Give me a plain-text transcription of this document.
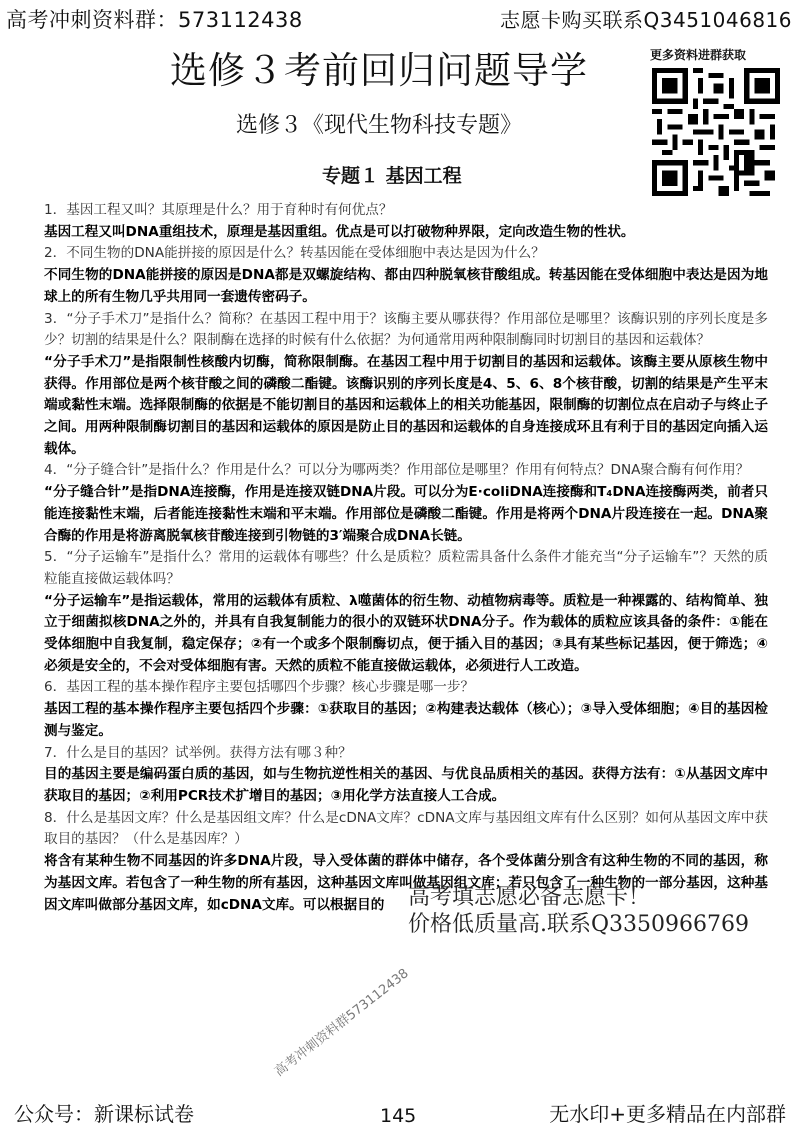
高考冲刺资料群：573112438	志愿卡购买联系Q3451046816
选修３考前回归问题导学	更多资料进群获取
选修３《现代生物科技专题》
专题１ 基因工程

1．基因工程又叫？其原理是什么？用于育种时有何优点？

基因工程又叫DNA重组技术，原理是基因重组。优点是可以打破物种界限，定向改造生物的性状。

2．不同生物的DNA能拼接的原因是什么？转基因能在受体细胞中表达是因为什么？

不同生物的DNA能拼接的原因是DNA都是双螺旋结构、都由四种脱氧核苷酸组成。转基因能在受体细胞中表达是因为地球上的所有生物几乎共用同一套遗传密码子。

3．“分子手术刀”是指什么？简称？在基因工程中用于？该酶主要从哪获得？作用部位是哪里？该酶识别的序列长度是多少？切割的结果是什么？限制酶在选择的时候有什么依据？为何通常用两种限制酶同时切割目的基因和运载体？

“分子手术刀”是指限制性核酸内切酶，简称限制酶。在基因工程中用于切割目的基因和运载体。该酶主要从原核生物中获得。作用部位是两个核苷酸之间的磷酸二酯键。该酶识别的序列长度是4、5、6、8个核苷酸，切割的结果是产生平末端或黏性末端。选择限制酶的依据是不能切割目的基因和运载体上的相关功能基因，限制酶的切割位点在启动子与终止子之间。用两种限制酶切割目的基因和运载体的原因是防止目的基因和运载体的自身连接成环且有利于目的基因定向插入运载体。

4．“分子缝合针”是指什么？作用是什么？可以分为哪两类？作用部位是哪里？作用有何特点？DNA聚合酶有何作用？

“分子缝合针”是指DNA连接酶，作用是连接双链DNA片段。可以分为E·coliDNA连接酶和T₄DNA连接酶两类，前者只能连接黏性末端，后者能连接黏性末端和平末端。作用部位是磷酸二酯键。作用是将两个DNA片段连接在一起。DNA聚合酶的作用是将游离脱氧核苷酸连接到引物链的3′端聚合成DNA长链。

5．“分子运输车”是指什么？常用的运载体有哪些？什么是质粒？质粒需具备什么条件才能充当“分子运输车”？天然的质粒能直接做运载体吗？

“分子运输车”是指运载体，常用的运载体有质粒、λ噬菌体的衍生物、动植物病毒等。质粒是一种裸露的、结构简单、独立于细菌拟核DNA之外的，并具有自我复制能力的很小的双链环状DNA分子。作为载体的质粒应该具备的条件：①能在受体细胞中自我复制，稳定保存；②有一个或多个限制酶切点，便于插入目的基因；③具有某些标记基因，便于筛选；④必须是安全的，不会对受体细胞有害。天然的质粒不能直接做运载体，必须进行人工改造。

6．基因工程的基本操作程序主要包括哪四个步骤？核心步骤是哪一步？

基因工程的基本操作程序主要包括四个步骤：①获取目的基因；②构建表达载体（核心）；③导入受体细胞；④目的基因检测与鉴定。

7．什么是目的基因？试举例。获得方法有哪３种？

目的基因主要是编码蛋白质的基因，如与生物抗逆性相关的基因、与优良品质相关的基因。获得方法有：①从基因文库中获取目的基因；②利用PCR技术扩增目的基因；③用化学方法直接人工合成。

8．什么是基因文库？什么是基因组文库？什么是cDNA文库？cDNA文库与基因组文库有什么区别？如何从基因文库中获取目的基因？（什么是基因库？）

将含有某种生物不同基因的许多DNA片段，导入受体菌的群体中储存，各个受体菌分别含有这种生物的不同的基因，称为基因文库。若包含了一种生物的所有基因，这种基因文库叫做基因组文库；若只包含了一种生物的一部分基因，这种基因文库叫做部分基因文库，如cDNA文库。可以根据目的	高考填志愿必备志愿卡！
价格低质量高.联系Q3350966769
高考冲刺资料群573112438
公众号：新课标试卷	145	无水印+更多精品在内部群
